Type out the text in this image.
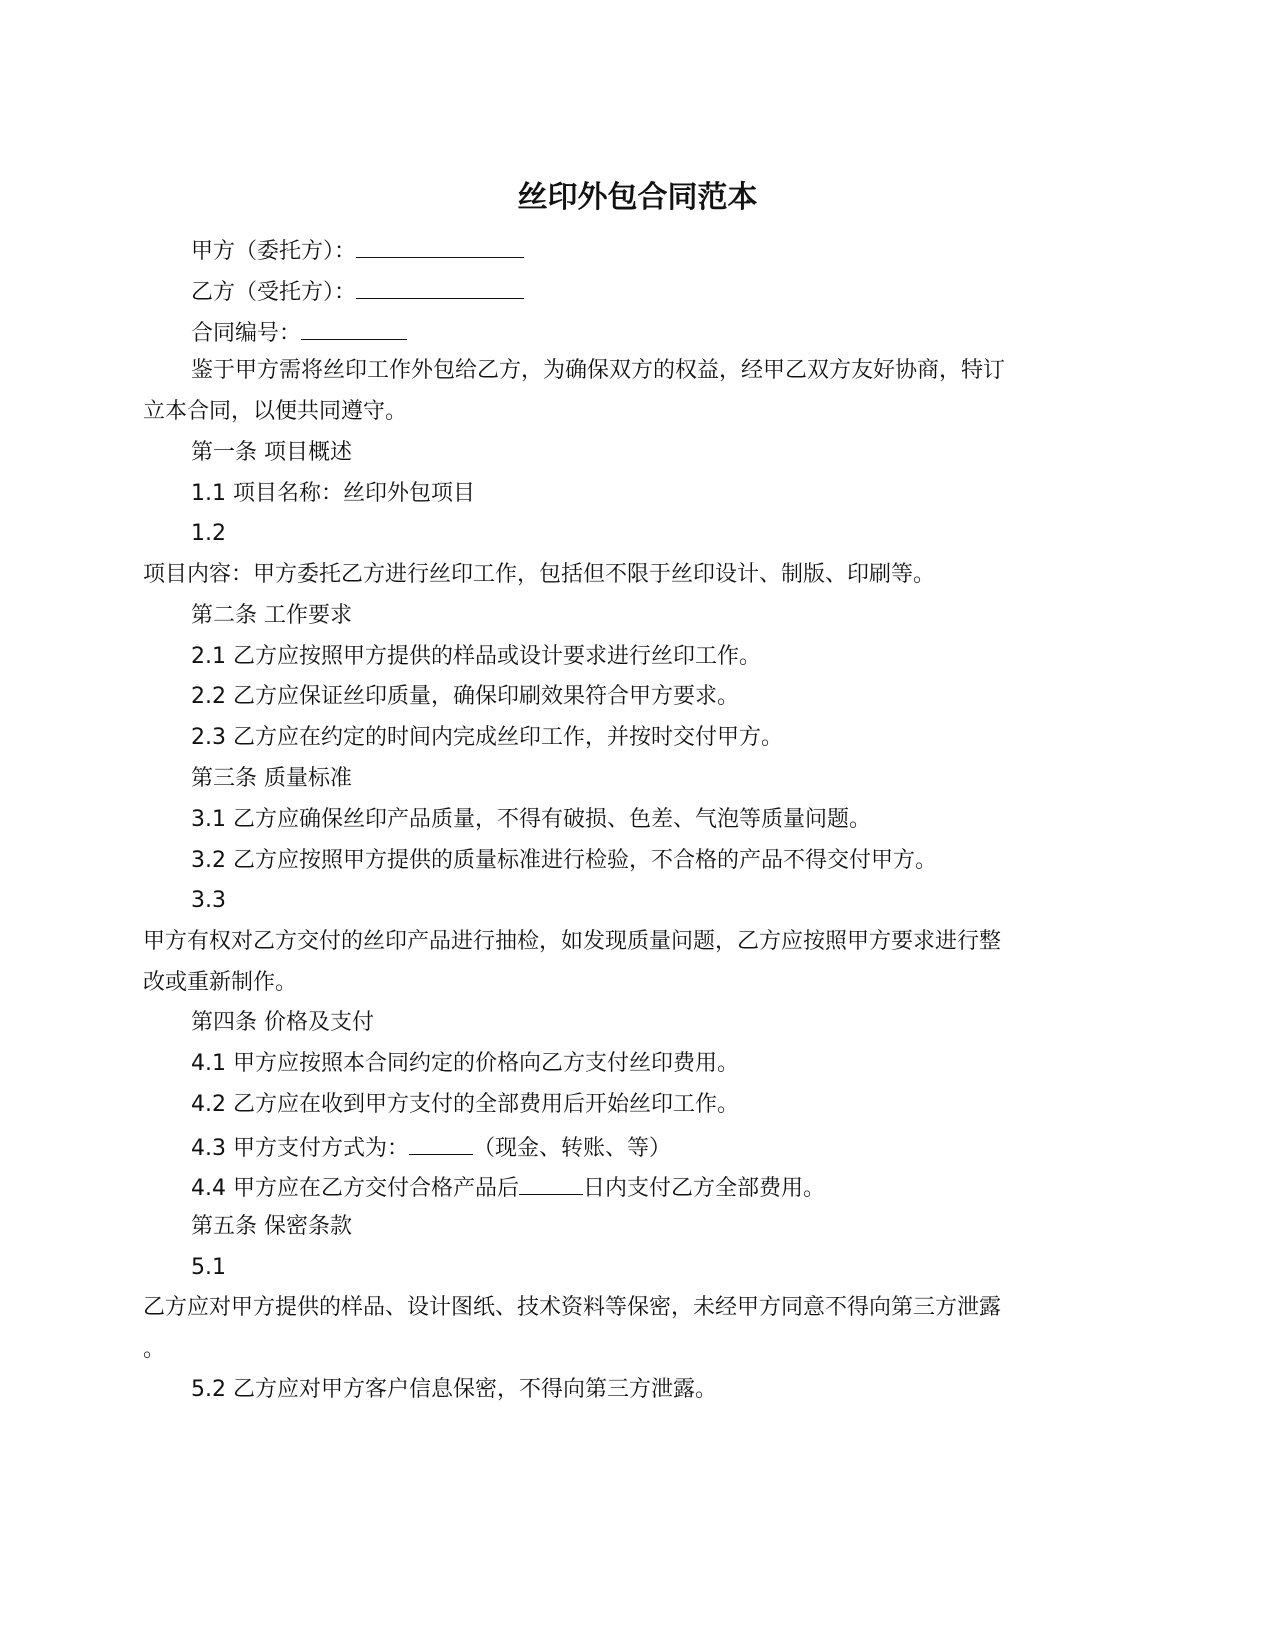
丝印外包合同范本
甲方（委托方）：
乙方（受托方）：
合同编号：
鉴于甲方需将丝印工作外包给乙方，为确保双方的权益，经甲乙双方友好协商，特订
立本合同，以便共同遵守。
第一条 项目概述
1.1 项目名称：丝印外包项目
1.2
项目内容：甲方委托乙方进行丝印工作，包括但不限于丝印设计、制版、印刷等。
第二条 工作要求
2.1 乙方应按照甲方提供的样品或设计要求进行丝印工作。
2.2 乙方应保证丝印质量，确保印刷效果符合甲方要求。
2.3 乙方应在约定的时间内完成丝印工作，并按时交付甲方。
第三条 质量标准
3.1 乙方应确保丝印产品质量，不得有破损、色差、气泡等质量问题。
3.2 乙方应按照甲方提供的质量标准进行检验，不合格的产品不得交付甲方。
3.3
甲方有权对乙方交付的丝印产品进行抽检，如发现质量问题，乙方应按照甲方要求进行整
改或重新制作。
第四条 价格及支付
4.1 甲方应按照本合同约定的价格向乙方支付丝印费用。
4.2 乙方应在收到甲方支付的全部费用后开始丝印工作。
4.3 甲方支付方式为：	（现金、转账、等）
4.4 甲方应在乙方交付合格产品后	日内支付乙方全部费用。
第五条 保密条款
5.1
乙方应对甲方提供的样品、设计图纸、技术资料等保密，未经甲方同意不得向第三方泄露
。
5.2 乙方应对甲方客户信息保密，不得向第三方泄露。
